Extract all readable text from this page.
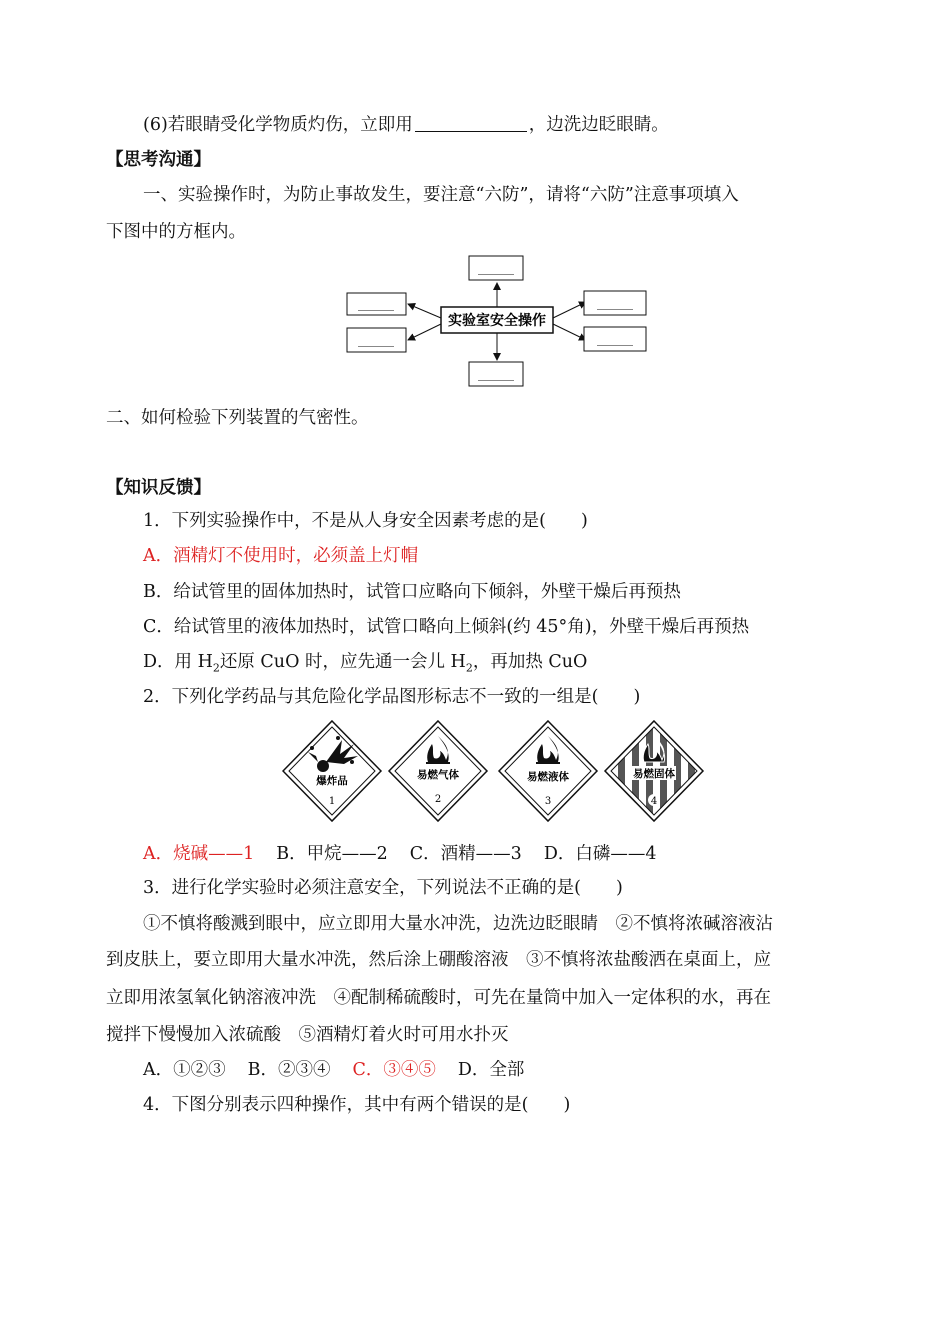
(6)若眼睛受化学物质灼伤，立即用	，边洗边眨眼睛。
【思考沟通】
一、实验操作时，为防止事故发生，要注意“六防”，请将“六防”注意事项填入
下图中的方框内。
实验室安全操作
______
______
______
______
______
______
二、如何检验下列装置的气密性。
【知识反馈】
1．下列实验操作中，不是从人身安全因素考虑的是(　　)
A．酒精灯不使用时，必须盖上灯帽
B．给试管里的固体加热时，试管口应略向下倾斜，外壁干燥后再预热
C．给试管里的液体加热时，试管口略向上倾斜(约 45°角)，外壁干燥后再预热
D．用 $H_2$还原 CuO 时，应先通一会儿 $H_2$，再加热 CuO
2．下列化学药品与其危险化学品图形标志不一致的一组是(　　)
爆炸品
1
易燃气体
2
易燃液体
3
易燃固体
4
A．烧碱——1 B．甲烷——2 C．酒精——3 D．白磷——4
3．进行化学实验时必须注意安全，下列说法不正确的是(　　)
①不慎将酸溅到眼中，应立即用大量水冲洗，边洗边眨眼睛　②不慎将浓碱溶液沾
到皮肤上，要立即用大量水冲洗，然后涂上硼酸溶液　③不慎将浓盐酸洒在桌面上，应
立即用浓氢氧化钠溶液冲洗　④配制稀硫酸时，可先在量筒中加入一定体积的水，再在
搅拌下慢慢加入浓硫酸　⑤酒精灯着火时可用水扑灭
A．①②③ B．②③④ C．③④⑤ D．全部
4．下图分别表示四种操作，其中有两个错误的是(　　)
